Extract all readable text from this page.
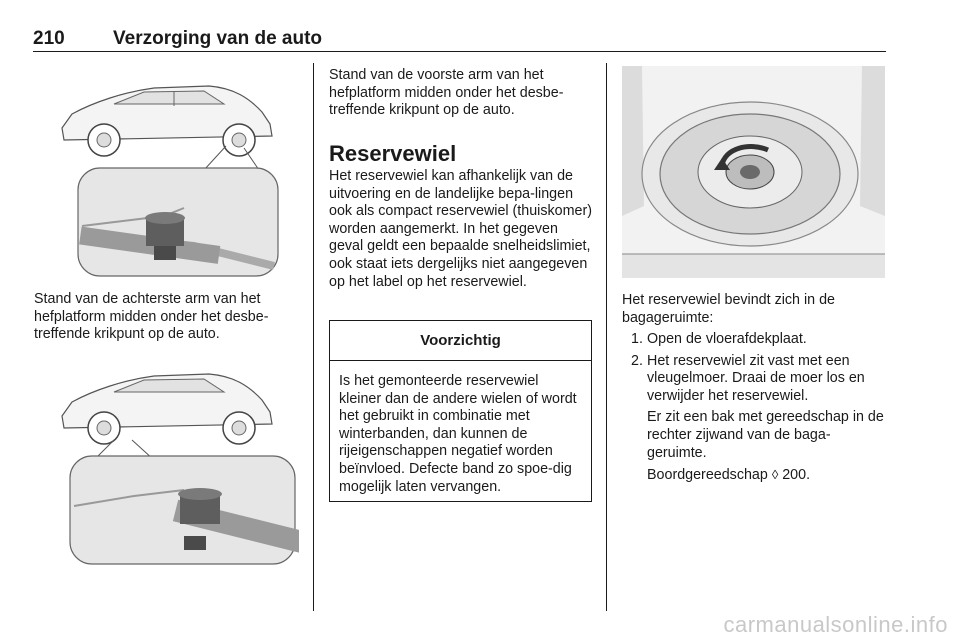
210	Verzorging van de auto
Stand van de achterste arm van het hefplatform midden onder het desbe-treffende krikpunt op de auto.
Stand van de voorste arm van het hefplatform midden onder het desbe-treffende krikpunt op de auto.
Reservewiel
Het reservewiel kan afhankelijk van de uitvoering en de landelijke bepa-lingen ook als compact reservewiel (thuiskomer) worden aangemerkt. In het gegeven geval geldt een bepaalde snelheidslimiet, ook staat iets dergelijks niet aangegeven op het label op het reservewiel.
Voorzichtig
Is het gemonteerde reservewiel kleiner dan de andere wielen of wordt het gebruikt in combinatie met winterbanden, dan kunnen de rijeigenschappen negatief worden beïnvloed. Defecte band zo spoe-dig mogelijk laten vervangen.
Het reservewiel bevindt zich in de bagageruimte:
1. Open de vloerafdekplaat.
2. Het reservewiel zit vast met een vleugelmoer. Draai de moer los en verwijder het reservewiel.
Er zit een bak met gereedschap in de rechter zijwand van de baga-geruimte.
Boordgereedschap ◊ 200.
carmanualsonline.info
